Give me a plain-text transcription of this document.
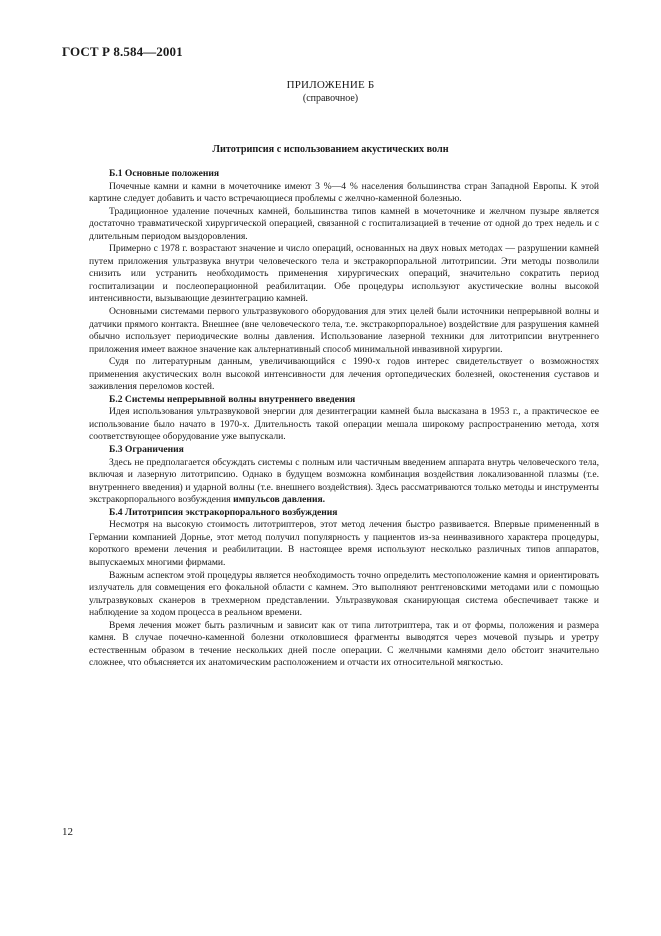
ГОСТ Р 8.584—2001
ПРИЛОЖЕНИЕ Б
(справочное)
Литотрипсия с использованием акустических волн
Б.1 Основные положения

Почечные камни и камни в мочеточнике имеют 3 %—4 % населения большинства стран Западной Европы. К этой картине следует добавить и часто встречающиеся проблемы с желчно-каменной болезнью.

Традиционное удаление почечных камней, большинства типов камней в мочеточнике и желчном пузыре является достаточно травматической хирургической операцией, связанной с госпитализацией в течение от одной до трех недель и с длительным периодом выздоровления.

Примерно с 1978 г. возрастают значение и число операций, основанных на двух новых методах — разрушении камней путем приложения ультразвука внутри человеческого тела и экстракорпоральной литотрипсии. Эти методы позволили снизить или устранить необходимость применения хирургических операций, значительно сократить период госпитализации и послеоперационной реабилитации. Обе процедуры используют акустические волны высокой интенсивности, вызывающие дезинтеграцию камней.

Основными системами первого ультразвукового оборудования для этих целей были источники непрерывной волны и датчики прямого контакта. Внешнее (вне человеческого тела, т.е. экстракорпоральное) воздействие для разрушения камней обычно использует периодические волны давления. Использование лазерной техники для литотрипсии внутреннего приложения имеет важное значение как альтернативный способ минимальной инвазивной хирургии.

Судя по литературным данным, увеличивающийся с 1990-х годов интерес свидетельствует о возможностях применения акустических волн высокой интенсивности для лечения ортопедических болезней, окостенения суставов и заживления переломов костей.

Б.2 Системы непрерывной волны внутреннего введения

Идея использования ультразвуковой энергии для дезинтеграции камней была высказана в 1953 г., а практическое ее использование было начато в 1970-х. Длительность такой операции мешала широкому распространению метода, хотя соответствующее оборудование уже выпускали.

Б.3 Ограничения

Здесь не предполагается обсуждать системы с полным или частичным введением аппарата внутрь человеческого тела, включая и лазерную литотрипсию. Однако в будущем возможна комбинация воздействия локализованной плазмы (т.е. внутреннего введения) и ударной волны (т.е. внешнего воздействия). Здесь рассматриваются только методы и инструменты экстракорпорального возбуждения импульсов давления.

Б.4 Литотрипсия экстракорпорального возбуждения

Несмотря на высокую стоимость литотриптеров, этот метод лечения быстро развивается. Впервые примененный в Германии компанией Дорнье, этот метод получил популярность у пациентов из-за неинвазивного характера процедуры, короткого времени лечения и реабилитации. В настоящее время используют несколько различных типов аппаратов, выпускаемых многими фирмами.

Важным аспектом этой процедуры является необходимость точно определить местоположение камня и ориентировать излучатель для совмещения его фокальной области с камнем. Это выполняют рентгеновскими методами или с помощью ультразвуковых сканеров в трехмерном представлении. Ультразвуковая сканирующая система обеспечивает также и наблюдение за ходом процесса в реальном времени.

Время лечения может быть различным и зависит как от типа литотриптера, так и от формы, положения и размера камня. В случае почечно-каменной болезни отколовшиеся фрагменты выводятся через мочевой пузырь и уретру естественным образом в течение нескольких дней после операции. С желчными камнями дело обстоит значительно сложнее, что объясняется их анатомическим расположением и отчасти их относительной мягкостью.

12
